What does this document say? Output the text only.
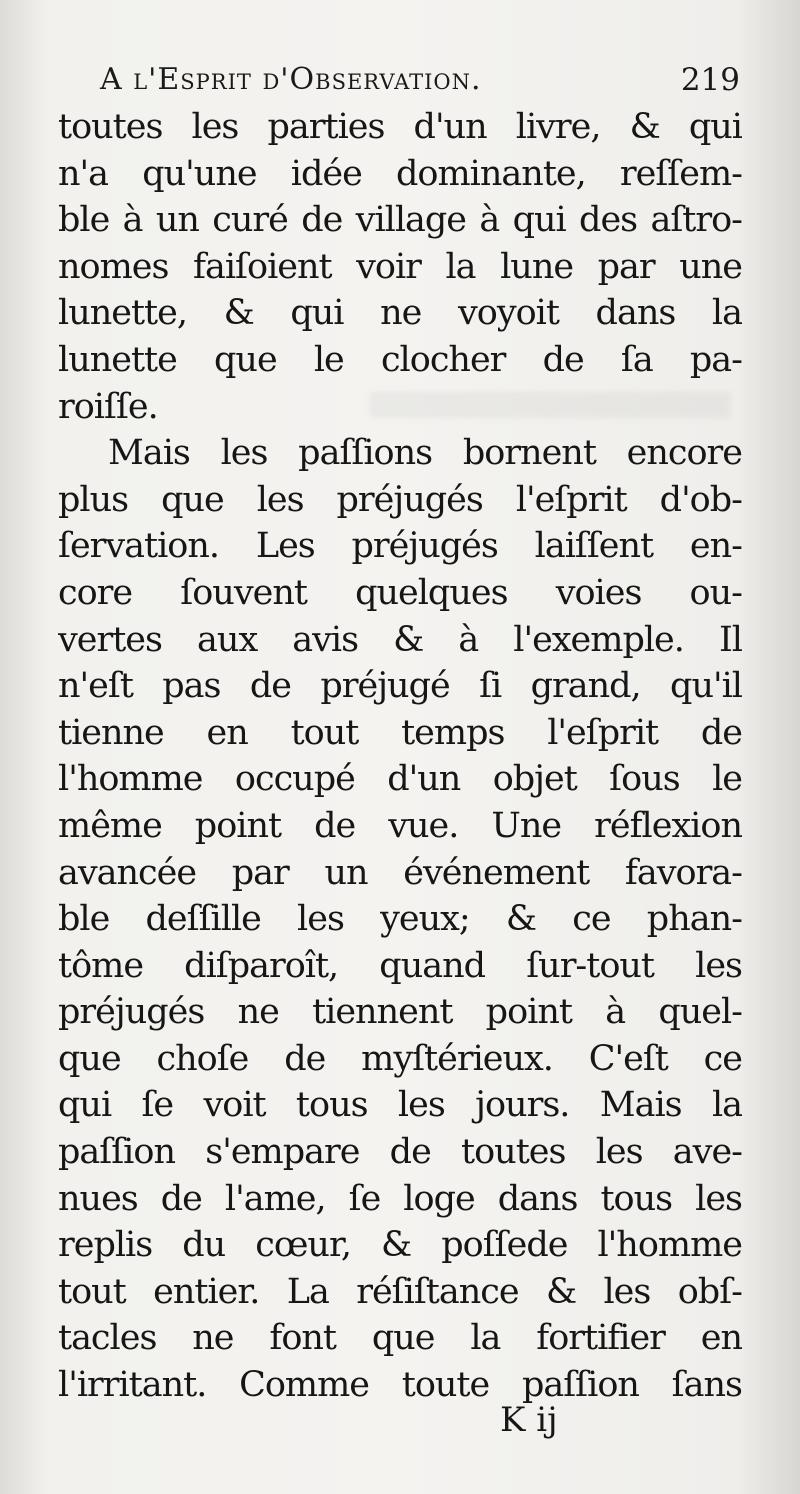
A l'Esprit d'Observation.	219
toutes les parties d'un livre, & qui
n'a qu'une idée dominante, reſſem-
ble à un curé de village à qui des aſtro-
nomes faiſoient voir la lune par une
lunette, & qui ne voyoit dans la
lunette que le clocher de ſa pa-
roiſſe.
Mais les paſſions bornent encore
plus que les préjugés l'eſprit d'ob-
ſervation. Les préjugés laiſſent en-
core ſouvent quelques voies ou-
vertes aux avis & à l'exemple. Il
n'eſt pas de préjugé ſi grand, qu'il
tienne en tout temps l'eſprit de
l'homme occupé d'un objet ſous le
même point de vue. Une réflexion
avancée par un événement favora-
ble deſſille les yeux; & ce phan-
tôme diſparoît, quand ſur-tout les
préjugés ne tiennent point à quel-
que choſe de myſtérieux. C'eſt ce
qui ſe voit tous les jours. Mais la
paſſion s'empare de toutes les ave-
nues de l'ame, ſe loge dans tous les
replis du cœur, & poſſede l'homme
tout entier. La réſiſtance & les obſ-
tacles ne font que la fortifier en
l'irritant. Comme toute paſſion ſans
K ij
